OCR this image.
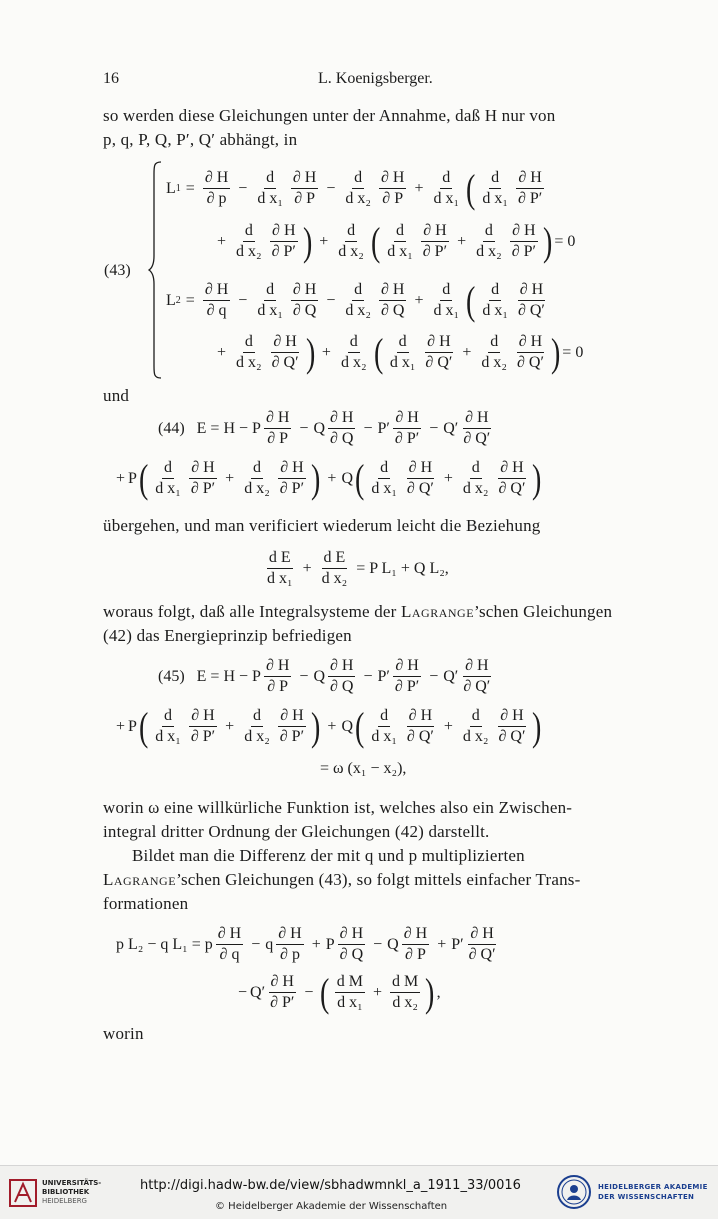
16	L. Koenigsberger.
so werden diese Gleichungen unter der Annahme, daß H nur von
p, q, P, Q, P′, Q′ abhängt, in
(43)
L $1 = \frac{\partial H}{\partial p} - \frac{d}{\text{d x₁}} \frac{\partial H}{\partial P} - \frac{d}{\text{d x₂}} \frac{\partial H}{\partial P} + \frac{d}{\text{d x₁}}$ ( $\frac{d}{\text{d x₁}} \frac{\partial H}{\partial P'}$
+ $\frac{d}{\text{d x₂}} \frac{\partial H}{\partial P'}$ ) + $\frac{d}{\text{d x₂}}$ ( $\frac{d}{\text{d x₁}} \frac{\partial H}{\partial P'} + \frac{d}{\text{d x₂}} \frac{\partial H}{\partial P'}$ ) = 0
L $2 = \frac{\partial H}{\partial q} - \frac{d}{\text{d x₁}} \frac{\partial H}{\partial Q} - \frac{d}{\text{d x₂}} \frac{\partial H}{\partial Q} + \frac{d}{\text{d x₁}}$ ( $\frac{d}{\text{d x₁}} \frac{\partial H}{\partial Q'}$
+ $\frac{d}{\text{d x₂}} \frac{\partial H}{\partial Q'}$ ) + $\frac{d}{\text{d x₂}}$ ( $\frac{d}{\text{d x₁}} \frac{\partial H}{\partial Q'} + \frac{d}{\text{d x₂}} \frac{\partial H}{\partial Q'}$ ) = 0
und
(44) E = H − P $\frac{\partial H}{\partial P} - Q \frac{\partial H}{\partial Q} - P' \frac{\partial H}{\partial P'} - Q' \frac{\partial H}{\partial Q'}$
+ P ( $\frac{d}{\text{d x₁}} \frac{\partial H}{\partial P'} + \frac{d}{\text{d x₂}} \frac{\partial H}{\partial P'}$ ) + Q ( $\frac{d}{\text{d x₁}} \frac{\partial H}{\partial Q'} + \frac{d}{\text{d x₂}} \frac{\partial H}{\partial Q'}$ )
übergehen, und man verificiert wiederum leicht die Beziehung
$\frac{\text{d E}}{\text{d x₁}} + \frac{\text{d E}}{\text{d x₂}} = P$ L₁ + Q L₂,
woraus folgt, daß alle Integralsysteme der Lagrange’schen Gleichungen
(42) das Energieprinzip befriedigen
(45) E = H − P $\frac{\partial H}{\partial P} - Q \frac{\partial H}{\partial Q} - P' \frac{\partial H}{\partial P'} - Q' \frac{\partial H}{\partial Q'}$
+ P ( $\frac{d}{\text{d x₁}} \frac{\partial H}{\partial P'} + \frac{d}{\text{d x₂}} \frac{\partial H}{\partial P'}$ ) + Q ( $\frac{d}{\text{d x₁}} \frac{\partial H}{\partial Q'} + \frac{d}{\text{d x₂}} \frac{\partial H}{\partial Q'}$ )
= ω (x₁ − x₂),
worin ω eine willkürliche Funktion ist, welches also ein Zwischen-
integral dritter Ordnung der Gleichungen (42) darstellt.
Bildet man die Differenz der mit q und p multiplizierten
Lagrange’schen Gleichungen (43), so folgt mittels einfacher Trans-
formationen
p L₂ − q L₁ = p $\frac{\partial H}{\partial q} - q \frac{\partial H}{\partial p} + P \frac{\partial H}{\partial Q} - Q \frac{\partial H}{\partial P} + P' \frac{\partial H}{\partial Q'}$
− $Q' \frac{\partial H}{\partial P'}$ − ( $\frac{\text{d M}}{\text{d x₁}} + \frac{\text{d M}}{\text{d x₂}}$ ) ,
worin
UNIVERSITÄTS-
BIBLIOTHEK
HEIDELBERG
http://digi.hadw-bw.de/view/sbhadwmnkl_a_1911_33/0016
© Heidelberger Akademie der Wissenschaften
HEIDELBERGER AKADEMIE
DER WISSENSCHAFTEN
